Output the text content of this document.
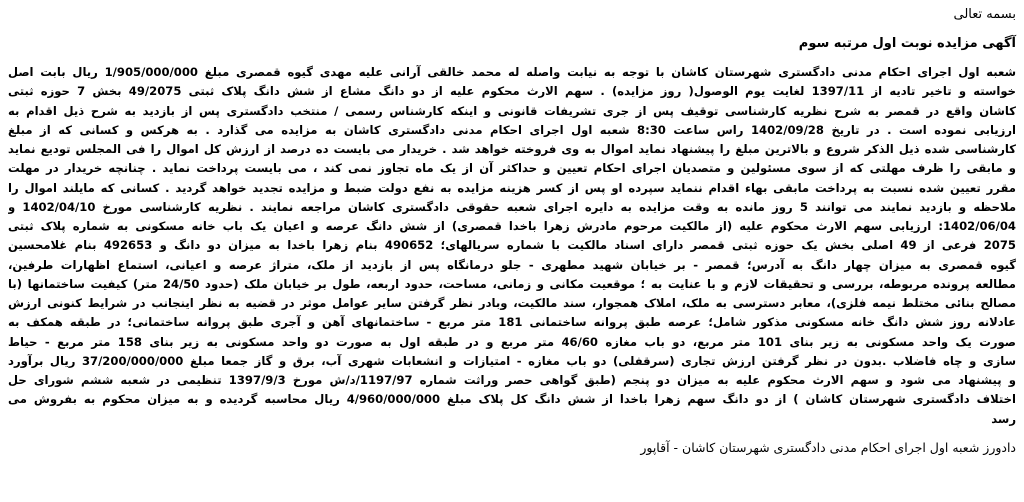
بسمه تعالی
آگهی مزایده نوبت اول مرتبه سوم
شعبه اول اجرای احکام مدنی دادگستری شهرستان کاشان با توجه به نیابت واصله له محمد خالقی آرانی علیه مهدی گیوه قمصری مبلغ 1/905/000/000 ریال بابت اصل
خواسته و تاخیر تادیه از 1397/11 لغایت یوم الوصول( روز مزایده) . سهم الارث محکوم علیه از دو دانگ مشاع از شش دانگ پلاک ثبتی 49/2075 بخش 7 حوزه ثبتی
کاشان واقع در قمصر به شرح نظریه کارشناسی توقیف پس از جری تشریفات قانونی و اینکه کارشناس رسمی / منتخب دادگستری پس از بازدید به شرح ذیل اقدام به
ارزیابی نموده است . در تاریخ 1402/09/28 راس ساعت 8:30 شعبه اول اجرای احکام مدنی دادگستری کاشان به مزایده می گذارد . به هرکس و کسانی که از مبلغ
کارشناسی شده ذیل الذکر شروع و بالاترین مبلغ را پیشنهاد نماید اموال به وی فروخته خواهد شد . خریدار می بایست ده درصد از ارزش کل اموال را فی المجلس تودیع نماید
و مابقی را ظرف مهلتی که از سوی مسئولین و متصدیان اجرای احکام تعیین و حداکثر آن از یک ماه تجاوز نمی کند ، می بایست پرداخت نماید . چنانچه خریدار در مهلت
مقرر تعیین شده نسبت به پرداخت مابقی بهاء اقدام ننماید سپرده او پس از کسر هزینه مزایده به نفع دولت ضبط و مزایده تجدید خواهد گردید . کسانی که مایلند اموال را
ملاحظه و بازدید نمایند می توانند 5 روز مانده به وقت مزایده به دایره اجرای شعبه حقوقی دادگستری کاشان مراجعه نمایند . نظریه کارشناسی مورخ 1402/04/10 و
1402/06/04: ارزیابی سهم الارث محکوم علیه (از مالکیت مرحوم مادرش زهرا باخدا قمصری) از شش دانگ عرصه و اعیان یک باب خانه مسکونی به شماره پلاک ثبتی
2075 فرعی از 49 اصلی بخش یک حوزه ثبتی قمصر دارای اسناد مالکیت با شماره سریالهای؛ 490652 بنام زهرا باخدا به میزان دو دانگ و 492653 بنام غلامحسین
گیوه قمصری به میزان چهار دانگ به آدرس؛ قمصر - بر خیابان شهید مطهری - جلو درمانگاه پس از بازدید از ملک، متراژ عرصه و اعیانی، استماع اظهارات طرفین،
مطالعه پرونده مربوطه، بررسی و تحقیقات لازم و با عنایت به ؛ موقعیت مکانی و زمانی، مساحت، حدود اربعه، طول بر خیابان ملک (حدود 24/50 متر) کیفیت ساختمانها (با
مصالح بنائی مختلط نیمه فلزی)، معابر دسترسی به ملک، املاک همجوار، سند مالکیت، وبادر نظر گرفتن سایر عوامل موثر در قضیه به نظر اینجانب در شرایط کنونی ارزش
عادلانه روز شش دانگ خانه مسکونی مذکور شامل؛ عرصه طبق پروانه ساختمانی 181 متر مربع - ساختمانهای آهن و آجری طبق پروانه ساختمانی؛ در طبقه همکف به
صورت یک واحد مسکونی به زیر بنای 101 متر مربع، دو باب مغازه 46/60 متر مربع و در طبقه اول به صورت دو واحد مسکونی به زیر بنای 158 متر مربع - حیاط
سازی و چاه فاضلاب .بدون در نظر گرفتن ارزش تجاری (سرقفلی) دو باب مغازه - امتیازات و انشعابات شهری آب، برق و گاز جمعا مبلغ 37/200/000/000 ریال برآورد
و پیشنهاد می شود و سهم الارث محکوم علیه به میزان دو پنجم (طبق گواهی حصر وراثت شماره 1197/97/د/ش مورخ 1397/9/3 تنظیمی در شعبه ششم شورای حل
اختلاف دادگستری شهرستان کاشان ) از دو دانگ سهم زهرا باخدا از شش دانگ کل پلاک مبلغ 4/960/000/000 ریال محاسبه گردیده و به میزان محکوم به بفروش می
رسد
دادورز شعبه اول اجرای احکام مدنی دادگستری شهرستان کاشان - آقاپور
